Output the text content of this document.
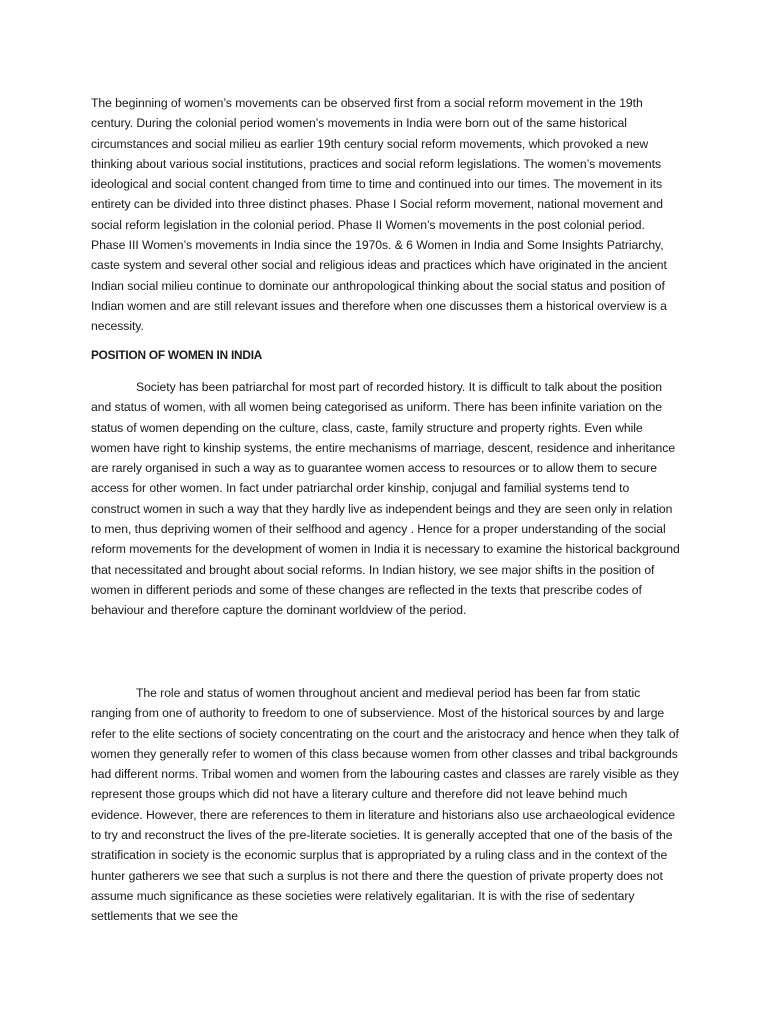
The beginning of women’s movements can be observed first from a social reform movement in the 19th century. During the colonial period women’s movements in India were born out of the same historical circumstances and social milieu as earlier 19th century social reform movements, which provoked a new thinking about various social institutions, practices and social reform legislations. The women’s movements ideological and social content changed from time to time and continued into our times. The movement in its entirety can be divided into three distinct phases. Phase I Social reform movement, national movement and social reform legislation in the colonial period. Phase II Women’s movements in the post colonial period. Phase III Women’s movements in India since the 1970s. & 6 Women in India and Some Insights Patriarchy, caste system and several other social and religious ideas and practices which have originated in the ancient Indian social milieu continue to dominate our anthropological thinking about the social status and position of Indian women and are still relevant issues and therefore when one discusses them a historical overview is a necessity.

POSITION OF WOMEN IN INDIA

Society has been patriarchal for most part of recorded history. It is difficult to talk about the position and status of women, with all women being categorised as uniform. There has been infinite variation on the status of women depending on the culture, class, caste, family structure and property rights. Even while women have right to kinship systems, the entire mechanisms of marriage, descent, residence and inheritance are rarely organised in such a way as to guarantee women access to resources or to allow them to secure access for other women. In fact under patriarchal order kinship, conjugal and familial systems tend to construct women in such a way that they hardly live as independent beings and they are seen only in relation to men, thus depriving women of their selfhood and agency . Hence for a proper understanding of the social reform movements for the development of women in India it is necessary to examine the historical background that necessitated and brought about social reforms. In Indian history, we see major shifts in the position of women in different periods and some of these changes are reflected in the texts that prescribe codes of behaviour and therefore capture the dominant worldview of the period.

The role and status of women throughout ancient and medieval period has been far from static ranging from one of authority to freedom to one of subservience. Most of the historical sources by and large refer to the elite sections of society concentrating on the court and the aristocracy and hence when they talk of women they generally refer to women of this class because women from other classes and tribal backgrounds had different norms. Tribal women and women from the labouring castes and classes are rarely visible as they represent those groups which did not have a literary culture and therefore did not leave behind much evidence. However, there are references to them in literature and historians also use archaeological evidence to try and reconstruct the lives of the pre-literate societies. It is generally accepted that one of the basis of the stratification in society is the economic surplus that is appropriated by a ruling class and in the context of the hunter gatherers we see that such a surplus is not there and there the question of private property does not assume much significance as these societies were relatively egalitarian. It is with the rise of sedentary settlements that we see the
